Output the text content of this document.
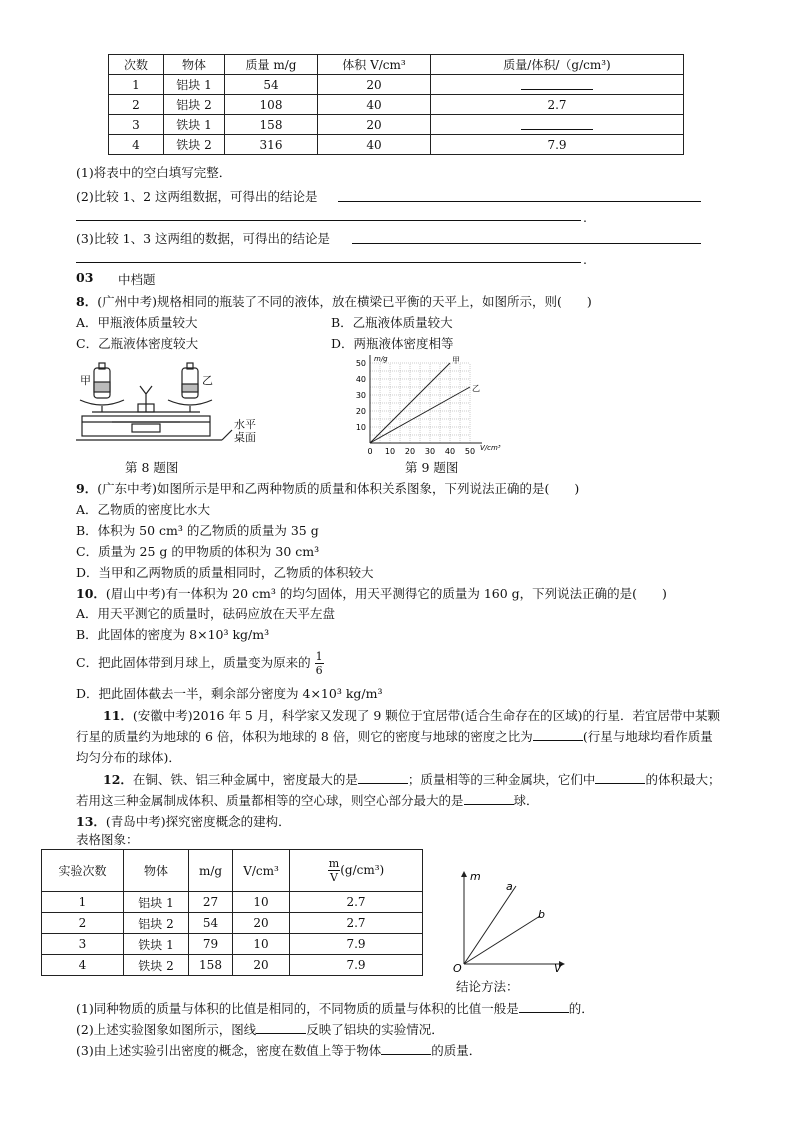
次数	物体	质量 m/g	体积 V/cm³	质量/体积/（g/cm³)
1	铝块 1	54	20	
2	铝块 2	108	40	2.7
3	铁块 1	158	20	
4	铁块 2	316	40	7.9
(1)将表中的空白填写完整．
(2)比较 1、2 这两组数据，可得出的结论是
.
(3)比较 1、3 这两组的数据，可得出的结论是
.
03 中档题
8．(广州中考)规格相同的瓶装了不同的液体，放在横梁已平衡的天平上，如图所示，则(　　)
A．甲瓶液体质量较大	B．乙瓶液体质量较大
C．乙瓶液体密度较大	D．两瓶液体密度相等
甲	乙
水平
桌面
第 8 题图
50
40
30
20
10
0 10 20 30 40 50
m/g
V/cm³
甲
乙
第 9 题图
9．(广东中考)如图所示是甲和乙两种物质的质量和体积关系图象，下列说法正确的是(　　)
A．乙物质的密度比水大
B．体积为 50 cm³ 的乙物质的质量为 35 g
C．质量为 25 g 的甲物质的体积为 30 cm³
D．当甲和乙两物质的质量相同时，乙物质的体积较大
10．(眉山中考)有一体积为 20 cm³ 的均匀固体，用天平测得它的质量为 160 g，下列说法正确的是(　　)
A．用天平测它的质量时，砝码应放在天平左盘
B．此固体的密度为 8×10³ kg/m³
C．把此固体带到月球上，质量变为原来的 $\frac{1}{6}$
D．把此固体截去一半，剩余部分密度为 4×10³ kg/m³
11．(安徽中考)2016 年 5 月，科学家又发现了 9 颗位于宜居带(适合生命存在的区域)的行星．若宜居带中某颗
行星的质量约为地球的 6 倍，体积为地球的 8 倍，则它的密度与地球的密度之比为	(行星与地球均看作质量
均匀分布的球体)．
12．在铜、铁、铝三种金属中，密度最大的是	；质量相等的三种金属块，它们中	的体积最大；
若用这三种金属制成体积、质量都相等的空心球，则空心部分最大的是	球．
13．(青岛中考)探究密度概念的建构．
表格图象：
实验次数	物体	m/g	V/cm³	$\frac{m}{V} (g/cm^3)$
1	铝块 1	27	10	2.7
2	铝块 2	54	20	2.7
3	铁块 1	79	10	7.9
4	铁块 2	158	20	7.9
m
V
O
a
b
结论方法：
(1)同种物质的质量与体积的比值是相同的，不同物质的质量与体积的比值一般是	的．
(2)上述实验图象如图所示，图线	反映了铝块的实验情况．
(3)由上述实验引出密度的概念，密度在数值上等于物体	的质量．
